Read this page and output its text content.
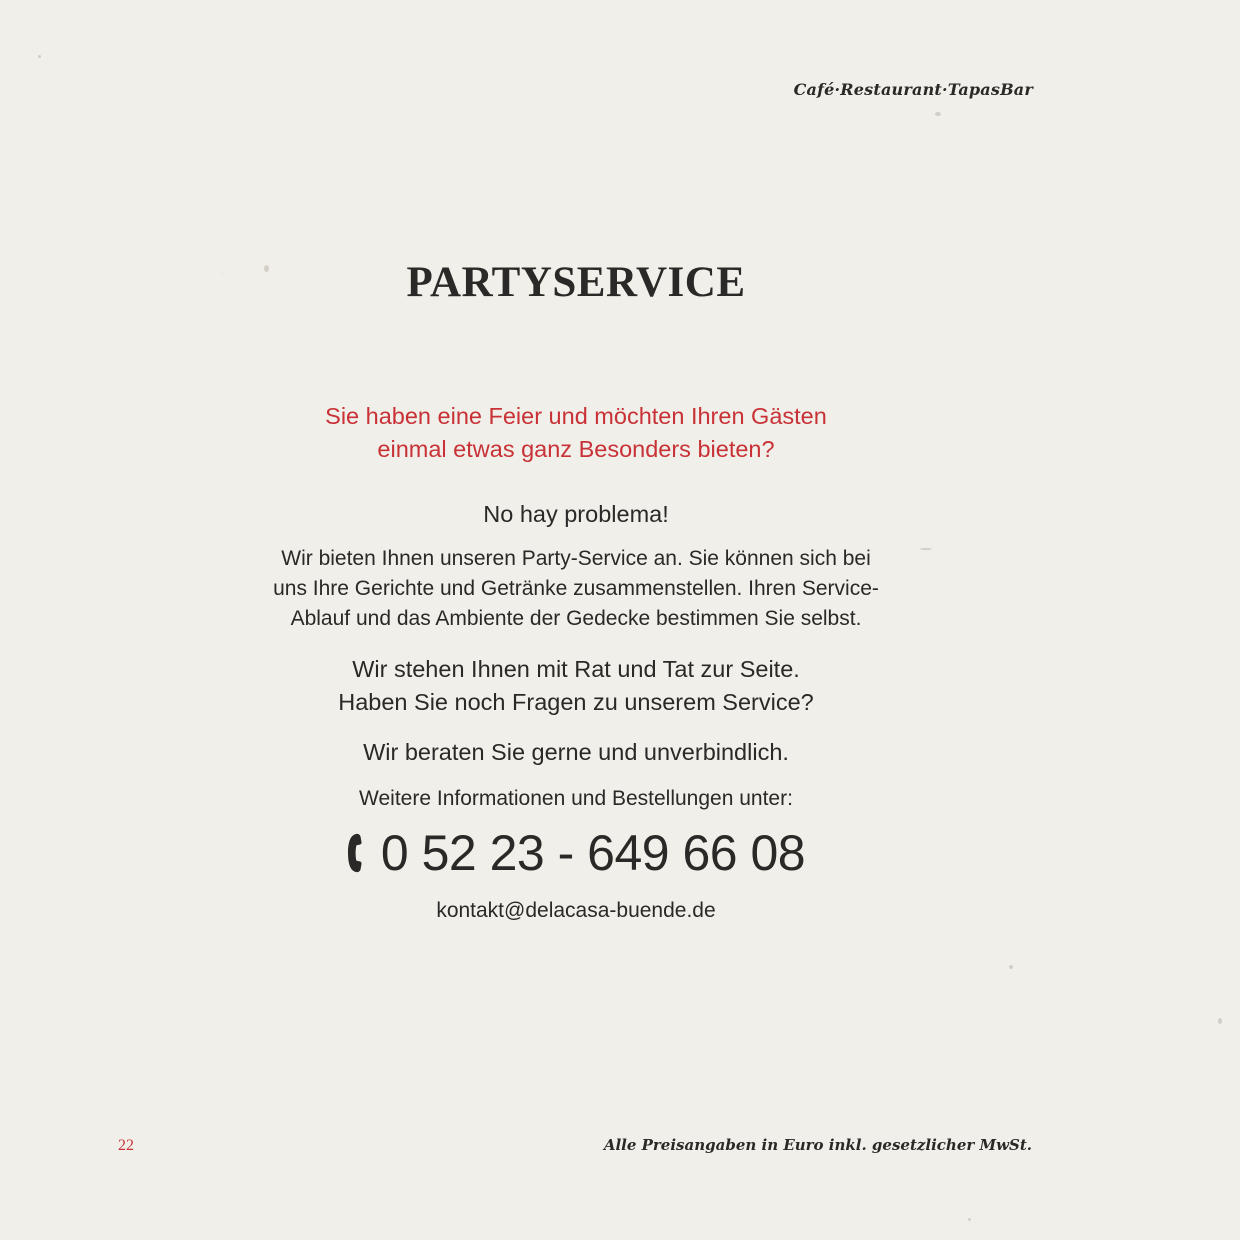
Café·Restaurant·TapasBar
PARTYSERVICE
Sie haben eine Feier und möchten Ihren Gästen
einmal etwas ganz Besonders bieten?
No hay problema!
Wir bieten Ihnen unseren Party-Service an. Sie können sich bei
uns Ihre Gerichte und Getränke zusammenstellen. Ihren Service-
Ablauf und das Ambiente der Gedecke bestimmen Sie selbst.
Wir stehen Ihnen mit Rat und Tat zur Seite.
Haben Sie noch Fragen zu unserem Service?
Wir beraten Sie gerne und unverbindlich.
Weitere Informationen und Bestellungen unter:
0 52 23 - 649 66 08
kontakt@delacasa-buende.de
22	Alle Preisangaben in Euro inkl. gesetzlicher MwSt.
